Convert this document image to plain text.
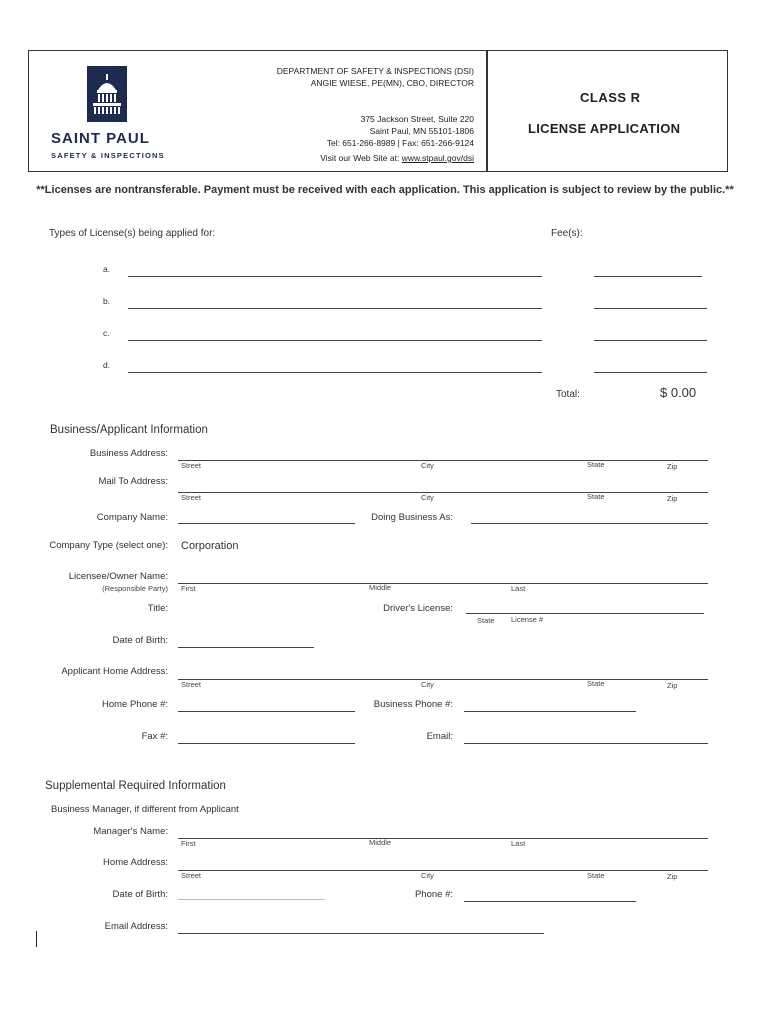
SAINT PAUL
SAFETY & INSPECTIONS
DEPARTMENT OF SAFETY & INSPECTIONS (DSI)
ANGIE WIESE, PE(MN), CBO, DIRECTOR
375 Jackson Street, Suite 220
Saint Paul, MN 55101-1806
Tel: 651-266-8989 | Fax: 651-266-9124
Visit our Web Site at: www.stpaul.gov/dsi
CLASS R
LICENSE APPLICATION
**Licenses are nontransferable. Payment must be received with each application. This application is subject to review by the public.**
Types of License(s) being applied for:	Fee(s):
a.
b.
c.
d.
Total:	$ 0.00
Business/Applicant Information
Business Address:
Street	City	State	Zip
Mail To Address:
Street	City	State	Zip
Company Name:	Doing Business As:
Company Type (select one): Corporation
Licensee/Owner Name:
(Responsible Party) First	Middle	Last
Title:	Driver's License:
State License #
Date of Birth:
Applicant Home Address:
Street	City	State	Zip
Home Phone #:	Business Phone #:
Fax #:	Email:
Supplemental Required Information
Business Manager, if different from Applicant
Manager's Name:
First	Middle	Last
Home Address:
Street	City	State	Zip
Date of Birth:	Phone #:
Email Address:
